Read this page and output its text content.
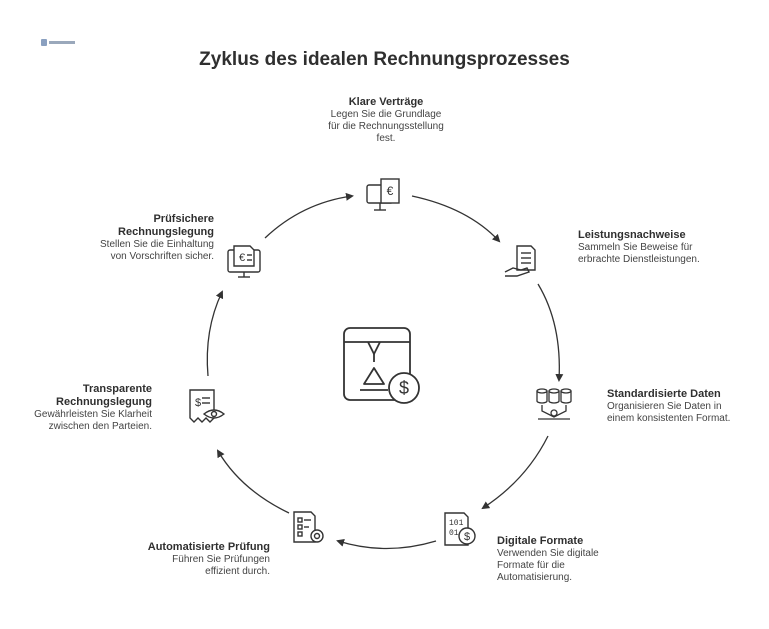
Zyklus des idealen Rechnungsprozesses
$
€
101
01 $
$
€
Klare Verträge
Legen Sie die Grundlage
für die Rechnungsstellung
fest.
Leistungsnachweise
Sammeln Sie Beweise für
erbrachte Dienstleistungen.
Standardisierte Daten
Organisieren Sie Daten in
einem konsistenten Format.
Digitale Formate
Verwenden Sie digitale
Formate für die
Automatisierung.
Automatisierte Prüfung
Führen Sie Prüfungen
effizient durch.
Transparente
Rechnungslegung
Gewährleisten Sie Klarheit
zwischen den Parteien.
Prüfsichere
Rechnungslegung
Stellen Sie die Einhaltung
von Vorschriften sicher.
